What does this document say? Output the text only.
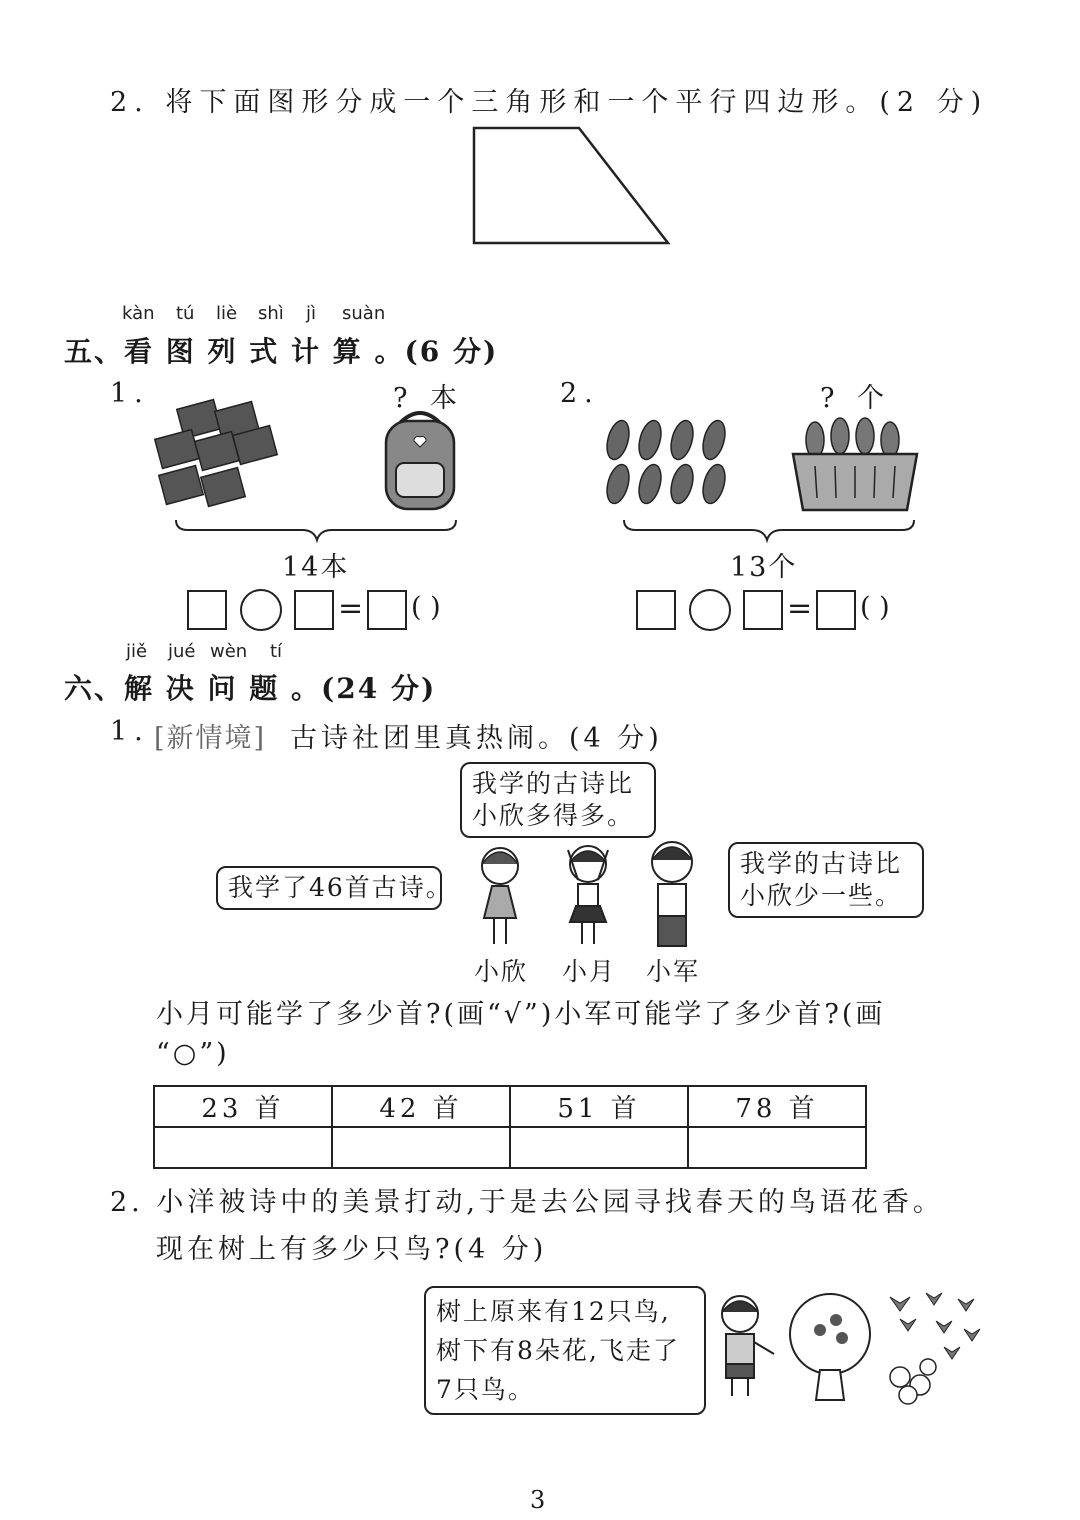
2. 将下面图形分成一个三角形和一个平行四边形。(2 分)
kàn tú liè shì jì suàn
五、看 图 列 式 计 算 。(6 分)
1.	? 本
14本
= ( )
2.	? 个
13个
= ( )
jiě jué wèn tí
六、解 决 问 题 。(24 分)
1. [新情境] 古诗社团里真热闹。(4 分)
我学的古诗比
小欣多得多。
我学了46首古诗。
我学的古诗比
小欣少一些。
小欣 小月 小军
小月可能学了多少首?(画“√”)小军可能学了多少首?(画
“○”)
23 首	42 首	51 首	78 首

2. 小洋被诗中的美景打动,于是去公园寻找春天的鸟语花香。
现在树上有多少只鸟?(4 分)
树上原来有12只鸟,
树下有8朵花,飞走了
7只鸟。
3
